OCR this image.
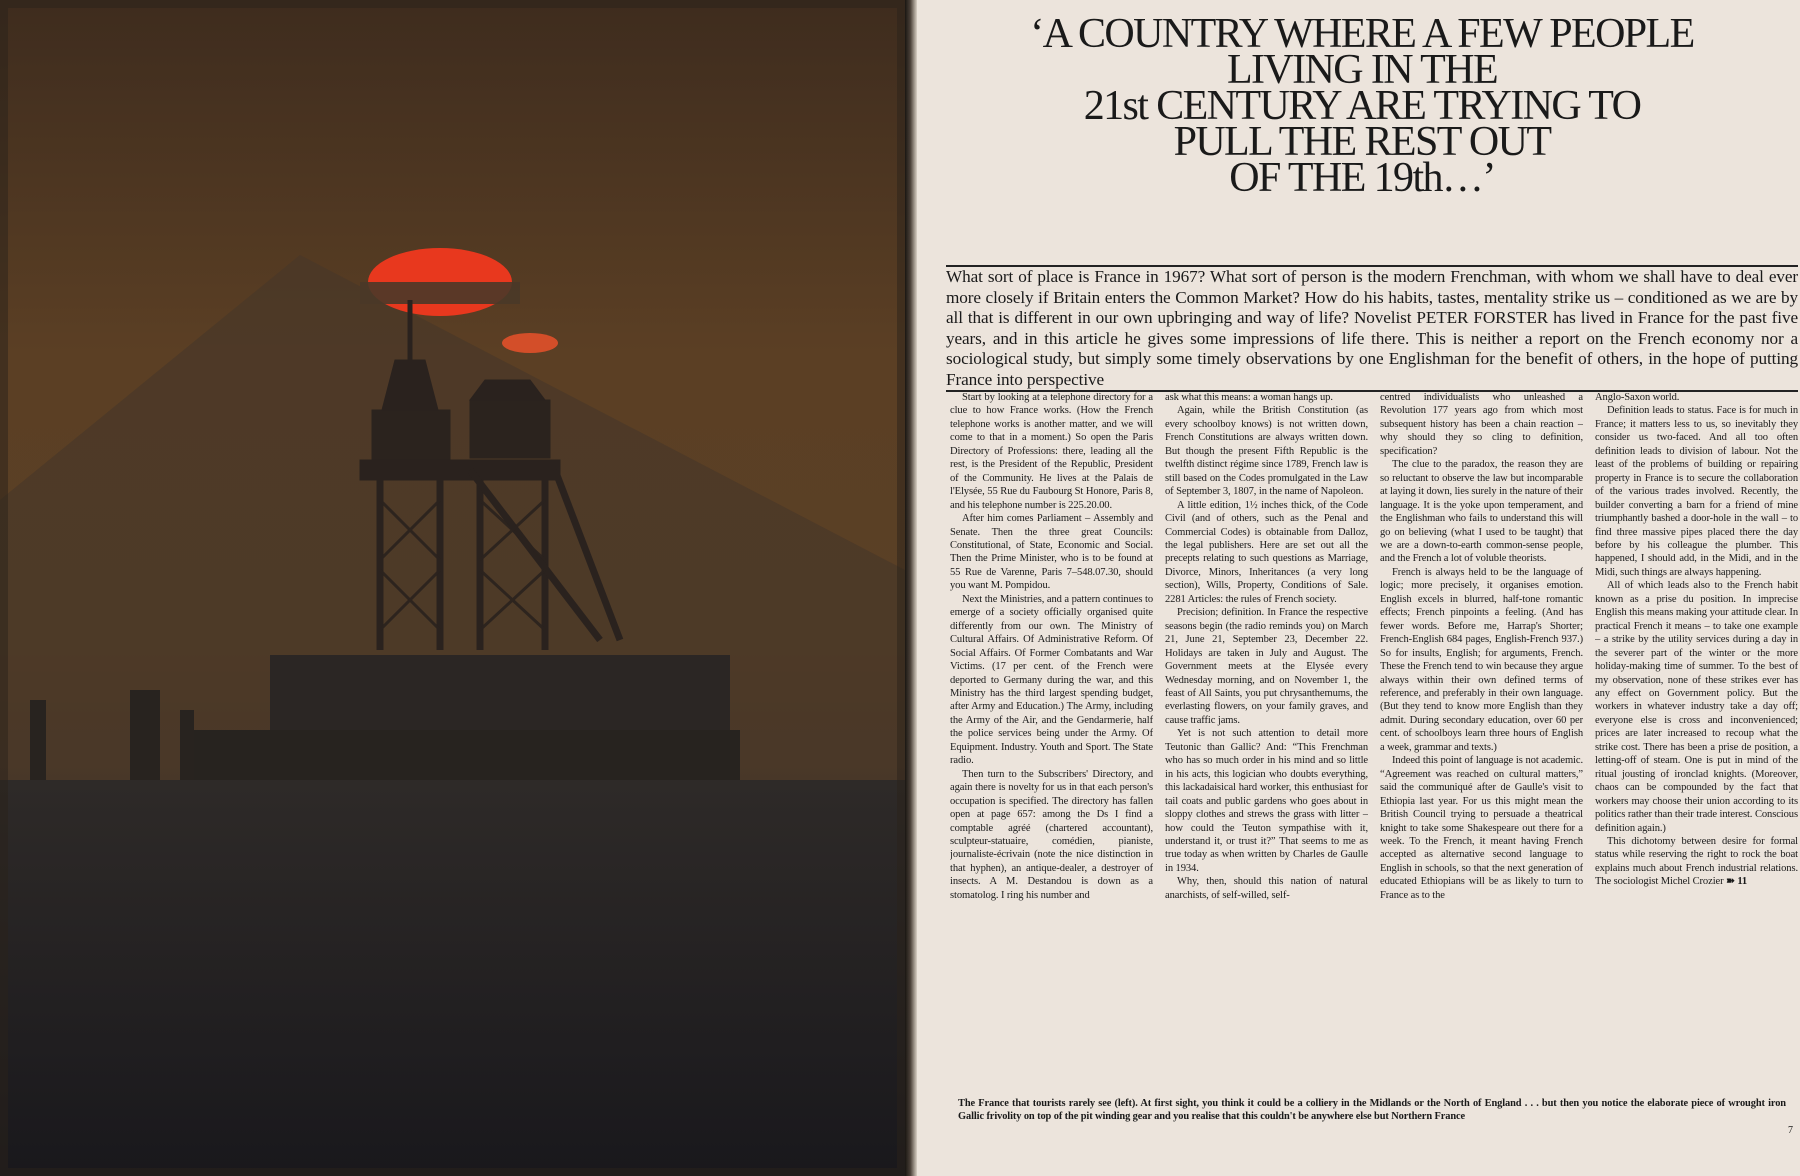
‘A COUNTRY WHERE A FEW PEOPLE
LIVING IN THE
21st CENTURY ARE TRYING TO
PULL THE REST OUT
OF THE 19th…’
What sort of place is France in 1967? What sort of person is the modern Frenchman, with whom we shall have to deal ever more closely if Britain enters the Common Market? How do his habits, tastes, mentality strike us – conditioned as we are by all that is different in our own upbringing and way of life? Novelist PETER FORSTER has lived in France for the past five years, and in this article he gives some impressions of life there. This is neither a report on the French economy nor a sociological study, but simply some timely observations by one Englishman for the benefit of others, in the hope of putting France into perspective

Start by looking at a telephone directory for a clue to how France works. (How the French telephone works is another matter, and we will come to that in a moment.) So open the Paris Directory of Professions: there, leading all the rest, is the President of the Republic, President of the Community. He lives at the Palais de l'Elysée, 55 Rue du Faubourg St Honore, Paris 8, and his telephone number is 225.20.00.

After him comes Parliament – Assembly and Senate. Then the three great Councils: Constitutional, of State, Economic and Social. Then the Prime Minister, who is to be found at 55 Rue de Varenne, Paris 7–548.07.30, should you want M. Pompidou.

Next the Ministries, and a pattern continues to emerge of a society officially organised quite differently from our own. The Ministry of Cultural Affairs. Of Administrative Reform. Of Social Affairs. Of Former Combatants and War Victims. (17 per cent. of the French were deported to Germany during the war, and this Ministry has the third largest spending budget, after Army and Education.) The Army, including the Army of the Air, and the Gendarmerie, half the police services being under the Army. Of Equipment. Industry. Youth and Sport. The State radio.

Then turn to the Subscribers' Directory, and again there is novelty for us in that each person's occupation is specified. The directory has fallen open at page 657: among the Ds I find a comptable agréé (chartered accountant), sculpteur-statuaire, comédien, pianiste, journaliste-écrivain (note the nice distinction in that hyphen), an antique-dealer, a destroyer of insects. A M. Destandou is down as a stomatolog. I ring his number and

ask what this means: a woman hangs up.

Again, while the British Constitution (as every schoolboy knows) is not written down, French Constitutions are always written down. But though the present Fifth Republic is the twelfth distinct régime since 1789, French law is still based on the Codes promulgated in the Law of September 3, 1807, in the name of Napoleon.

A little edition, 1½ inches thick, of the Code Civil (and of others, such as the Penal and Commercial Codes) is obtainable from Dalloz, the legal publishers. Here are set out all the precepts relating to such questions as Marriage, Divorce, Minors, Inheritances (a very long section), Wills, Property, Conditions of Sale. 2281 Articles: the rules of French society.

Precision; definition. In France the respective seasons begin (the radio reminds you) on March 21, June 21, September 23, December 22. Holidays are taken in July and August. The Government meets at the Elysée every Wednesday morning, and on November 1, the feast of All Saints, you put chrysanthemums, the everlasting flowers, on your family graves, and cause traffic jams.

Yet is not such attention to detail more Teutonic than Gallic? And: “This Frenchman who has so much order in his mind and so little in his acts, this logician who doubts everything, this lackadaisical hard worker, this enthusiast for tail coats and public gardens who goes about in sloppy clothes and strews the grass with litter – how could the Teuton sympathise with it, understand it, or trust it?” That seems to me as true today as when written by Charles de Gaulle in 1934.

Why, then, should this nation of natural anarchists, of self-willed, self-

centred individualists who unleashed a Revolution 177 years ago from which most subsequent history has been a chain reaction – why should they so cling to definition, specification?

The clue to the paradox, the reason they are so reluctant to observe the law but incomparable at laying it down, lies surely in the nature of their language. It is the yoke upon temperament, and the Englishman who fails to understand this will go on believing (what I used to be taught) that we are a down-to-earth common-sense people, and the French a lot of voluble theorists.

French is always held to be the language of logic; more precisely, it organises emotion. English excels in blurred, half-tone romantic effects; French pinpoints a feeling. (And has fewer words. Before me, Harrap's Shorter; French-English 684 pages, English-French 937.) So for insults, English; for arguments, French. These the French tend to win because they argue always within their own defined terms of reference, and preferably in their own language. (But they tend to know more English than they admit. During secondary education, over 60 per cent. of schoolboys learn three hours of English a week, grammar and texts.)

Indeed this point of language is not academic. “Agreement was reached on cultural matters,” said the communiqué after de Gaulle's visit to Ethiopia last year. For us this might mean the British Council trying to persuade a theatrical knight to take some Shakespeare out there for a week. To the French, it meant having French accepted as alternative second language to English in schools, so that the next generation of educated Ethiopians will be as likely to turn to France as to the

Anglo-Saxon world.

Definition leads to status. Face is for much in France; it matters less to us, so inevitably they consider us two-faced. And all too often definition leads to division of labour. Not the least of the problems of building or repairing property in France is to secure the collaboration of the various trades involved. Recently, the builder converting a barn for a friend of mine triumphantly bashed a door-hole in the wall – to find three massive pipes placed there the day before by his colleague the plumber. This happened, I should add, in the Midi, and in the Midi, such things are always happening.

All of which leads also to the French habit known as a prise du position. In imprecise English this means making your attitude clear. In practical French it means – to take one example – a strike by the utility services during a day in the severer part of the winter or the more holiday-making time of summer. To the best of my observation, none of these strikes ever has any effect on Government policy. But the workers in whatever industry take a day off; everyone else is cross and inconvenienced; prices are later increased to recoup what the strike cost. There has been a prise de position, a letting-off of steam. One is put in mind of the ritual jousting of ironclad knights. (Moreover, chaos can be compounded by the fact that workers may choose their union according to its politics rather than their trade interest. Conscious definition again.)

This dichotomy between desire for formal status while reserving the right to rock the boat explains much about French industrial relations. The sociologist Michel Crozier ➽ 11

The France that tourists rarely see (left). At first sight, you think it could be a colliery in the Midlands or the North of England . . . but then you notice the elaborate piece of wrought iron Gallic frivolity on top of the pit winding gear and you realise that this couldn't be anywhere else but Northern France
7
